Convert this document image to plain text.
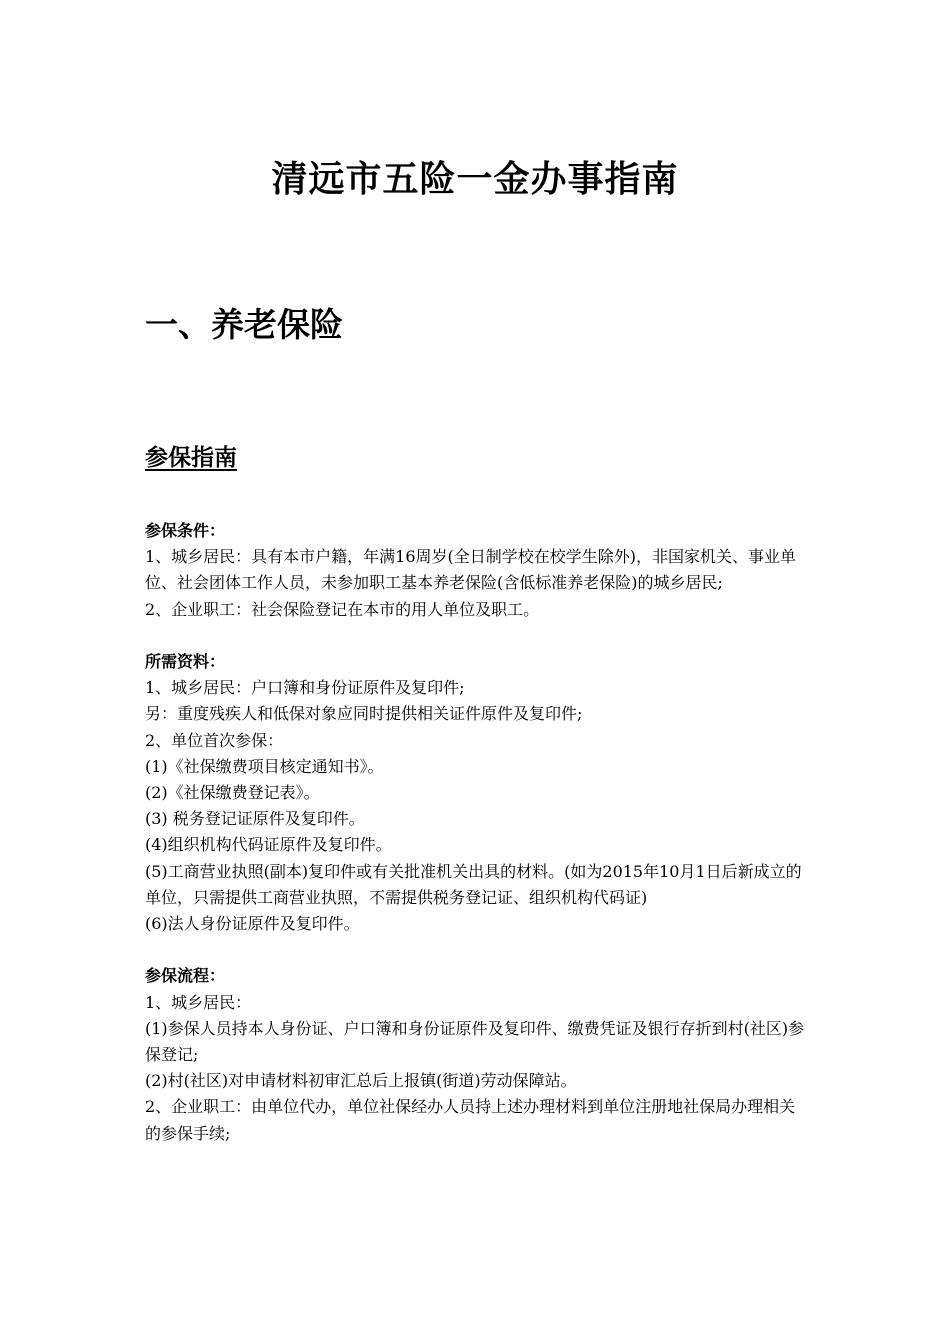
清远市五险一金办事指南
一、养老保险
参保指南

参保条件：

1、城乡居民：具有本市户籍，年满16周岁(全日制学校在校学生除外)，非国家机关、事业单位、社会团体工作人员，未参加职工基本养老保险(含低标准养老保险)的城乡居民;

2、企业职工：社会保险登记在本市的用人单位及职工。

所需资料：

1、城乡居民：户口簿和身份证原件及复印件;

另：重度残疾人和低保对象应同时提供相关证件原件及复印件;

2、单位首次参保：

(1)《社保缴费项目核定通知书》。

(2)《社保缴费登记表》。

(3) 税务登记证原件及复印件。

(4)组织机构代码证原件及复印件。

(5)工商营业执照(副本)复印件或有关批准机关出具的材料。(如为2015年10月1日后新成立的单位，只需提供工商营业执照，不需提供税务登记证、组织机构代码证)

(6)法人身份证原件及复印件。

参保流程：

1、城乡居民：

(1)参保人员持本人身份证、户口簿和身份证原件及复印件、缴费凭证及银行存折到村(社区)参保登记;

(2)村(社区)对申请材料初审汇总后上报镇(街道)劳动保障站。

2、企业职工：由单位代办，单位社保经办人员持上述办理材料到单位注册地社保局办理相关的参保手续;
